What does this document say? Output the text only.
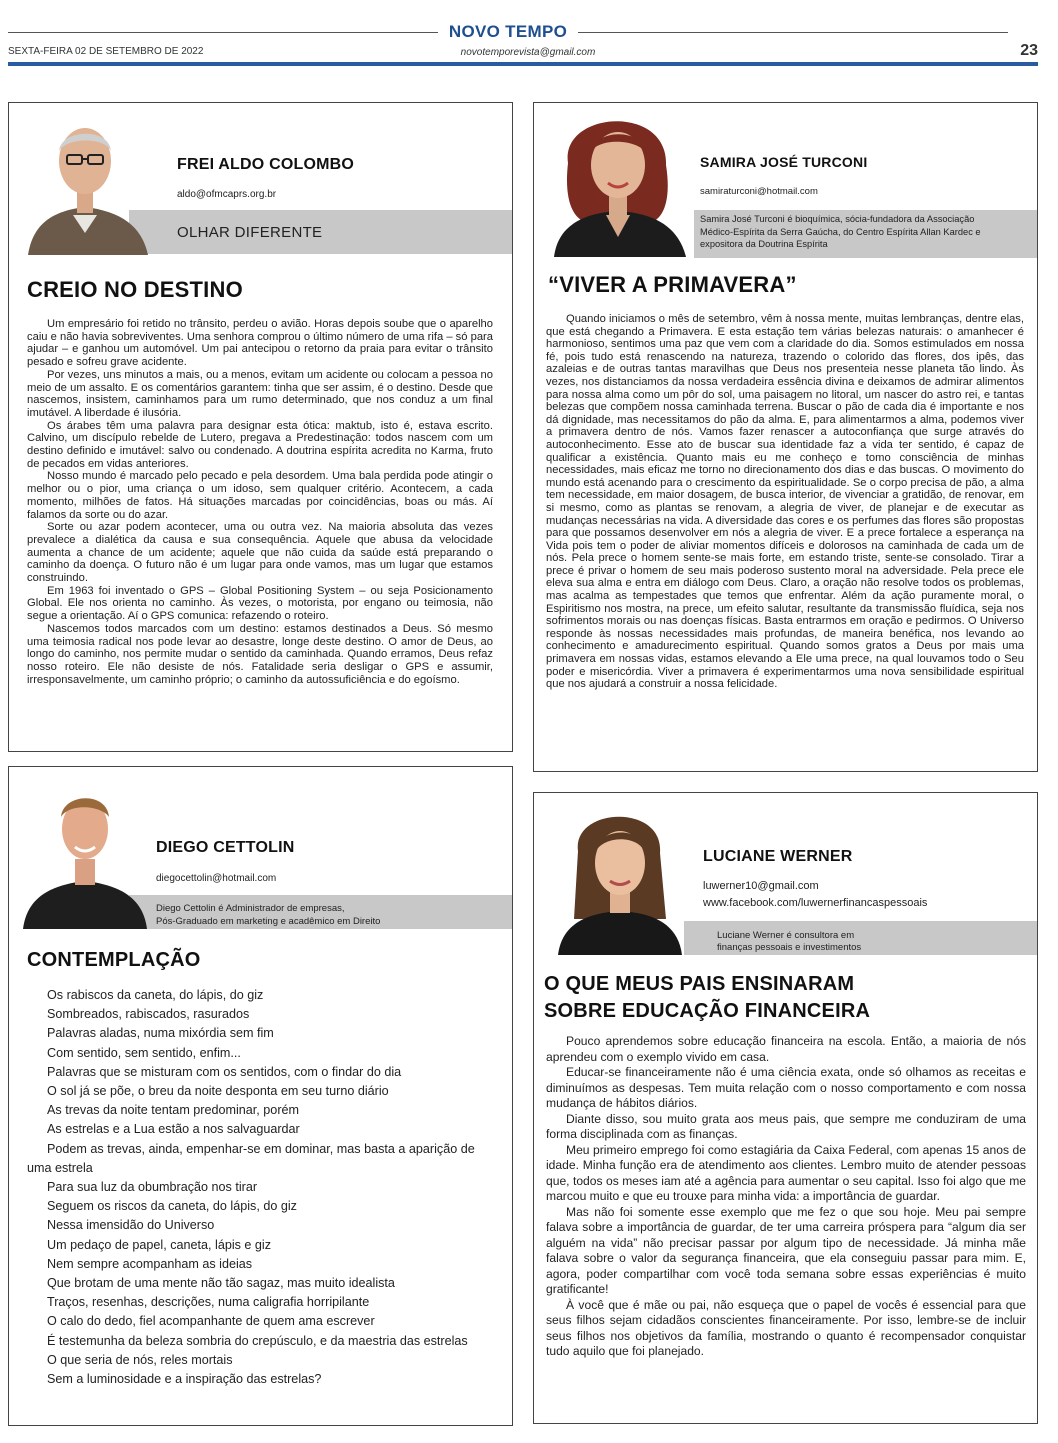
NOVO TEMPO
SEXTA-FEIRA 02 DE SETEMBRO DE 2022	novotemporevista@gmail.com	23
FREI ALDO COLOMBO
aldo@ofmcaprs.org.br
OLHAR DIFERENTE
CREIO NO DESTINO

Um empresário foi retido no trânsito, perdeu o avião. Horas depois soube que o aparelho caiu e não havia sobreviventes. Uma senhora comprou o último número de uma rifa – só para ajudar – e ganhou um automóvel. Um pai antecipou o retorno da praia para evitar o trânsito pesado e sofreu grave acidente.

Por vezes, uns minutos a mais, ou a menos, evitam um acidente ou colocam a pessoa no meio de um assalto. E os comentários garantem: tinha que ser assim, é o destino. Desde que nascemos, insistem, caminhamos para um rumo determinado, que nos conduz a um final imutável. A liberdade é ilusória.

Os árabes têm uma palavra para designar esta ótica: maktub, isto é, estava escrito. Calvino, um discípulo rebelde de Lutero, pregava a Predestinação: todos nascem com um destino definido e imutável: salvo ou condenado. A doutrina espírita acredita no Karma, fruto de pecados em vidas anteriores.

Nosso mundo é marcado pelo pecado e pela desordem. Uma bala perdida pode atingir o melhor ou o pior, uma criança o um idoso, sem qualquer critério. Acontecem, a cada momento, milhões de fatos. Há situações marcadas por coincidências, boas ou más. Aí falamos da sorte ou do azar.

Sorte ou azar podem acontecer, uma ou outra vez. Na maioria absoluta das vezes prevalece a dialética da causa e sua consequência. Aquele que abusa da velocidade aumenta a chance de um acidente; aquele que não cuida da saúde está preparando o caminho da doença. O futuro não é um lugar para onde vamos, mas um lugar que estamos construindo.

Em 1963 foi inventado o GPS – Global Positioning System – ou seja Posicionamento Global. Ele nos orienta no caminho. Às vezes, o motorista, por engano ou teimosia, não segue a orientação. Aí o GPS comunica: refazendo o roteiro.

Nascemos todos marcados com um destino: estamos destinados a Deus. Só mesmo uma teimosia radical nos pode levar ao desastre, longe deste destino. O amor de Deus, ao longo do caminho, nos permite mudar o sentido da caminhada. Quando erramos, Deus refaz nosso roteiro. Ele não desiste de nós. Fatalidade seria desligar o GPS e assumir, irresponsavelmente, um caminho próprio; o caminho da autossuficiência e do egoísmo.

SAMIRA JOSÉ TURCONI
samiraturconi@hotmail.com
Samira José Turconi é bioquímica, sócia-fundadora da Associação Médico-Espírita da Serra Gaúcha, do Centro Espírita Allan Kardec e expositora da Doutrina Espírita
“VIVER A PRIMAVERA”

Quando iniciamos o mês de setembro, vêm à nossa mente, muitas lembranças, dentre elas, que está chegando a Primavera. E esta estação tem várias belezas naturais: o amanhecer é harmonioso, sentimos uma paz que vem com a claridade do dia. Somos estimulados em nossa fé, pois tudo está renascendo na natureza, trazendo o colorido das flores, dos ipês, das azaleias e de outras tantas maravilhas que Deus nos presenteia nesse planeta tão lindo. Às vezes, nos distanciamos da nossa verdadeira essência divina e deixamos de admirar alimentos para nossa alma como um pôr do sol, uma paisagem no litoral, um nascer do astro rei, e tantas belezas que compõem nossa caminhada terrena. Buscar o pão de cada dia é importante e nos dá dignidade, mas necessitamos do pão da alma. E, para alimentarmos a alma, podemos viver a primavera dentro de nós. Vamos fazer renascer a autoconfiança que surge através do autoconhecimento. Esse ato de buscar sua identidade faz a vida ter sentido, é capaz de qualificar a existência. Quanto mais eu me conheço e tomo consciência de minhas necessidades, mais eficaz me torno no direcionamento dos dias e das buscas. O movimento do mundo está acenando para o crescimento da espiritualidade. Se o corpo precisa de pão, a alma tem necessidade, em maior dosagem, de busca interior, de vivenciar a gratidão, de renovar, em si mesmo, como as plantas se renovam, a alegria de viver, de planejar e de executar as mudanças necessárias na vida. A diversidade das cores e os perfumes das flores são propostas para que possamos desenvolver em nós a alegria de viver. E a prece fortalece a esperança na Vida pois tem o poder de aliviar momentos difíceis e dolorosos na caminhada de cada um de nós. Pela prece o homem sente-se mais forte, em estando triste, sente-se consolado. Tirar a prece é privar o homem de seu mais poderoso sustento moral na adversidade. Pela prece ele eleva sua alma e entra em diálogo com Deus. Claro, a oração não resolve todos os problemas, mas acalma as tempestades que temos que enfrentar. Além da ação puramente moral, o Espiritismo nos mostra, na prece, um efeito salutar, resultante da transmissão fluídica, seja nos sofrimentos morais ou nas doenças físicas. Basta entrarmos em oração e pedirmos. O Universo responde às nossas necessidades mais profundas, de maneira benéfica, nos levando ao conhecimento e amadurecimento espiritual. Quando somos gratos a Deus por mais uma primavera em nossas vidas, estamos elevando a Ele uma prece, na qual louvamos todo o Seu poder e misericórdia. Viver a primavera é experimentarmos uma nova sensibilidade espiritual que nos ajudará a construir a nossa felicidade.

DIEGO CETTOLIN
diegocettolin@hotmail.com
Diego Cettolin é Administrador de empresas,
Pós-Graduado em marketing e acadêmico em Direito
CONTEMPLAÇÃO

Os rabiscos da caneta, do lápis, do giz

Sombreados, rabiscados, rasurados

Palavras aladas, numa mixórdia sem fim

Com sentido, sem sentido, enfim...

Palavras que se misturam com os sentidos, com o findar do dia

O sol já se põe, o breu da noite desponta em seu turno diário

As trevas da noite tentam predominar, porém

As estrelas e a Lua estão a nos salvaguardar

Podem as trevas, ainda, empenhar-se em dominar, mas basta a aparição de uma estrela

Para sua luz da obumbração nos tirar

Seguem os riscos da caneta, do lápis, do giz

Nessa imensidão do Universo

Um pedaço de papel, caneta, lápis e giz

Nem sempre acompanham as ideias

Que brotam de uma mente não tão sagaz, mas muito idealista

Traços, resenhas, descrições, numa caligrafia horripilante

O calo do dedo, fiel acompanhante de quem ama escrever

É testemunha da beleza sombria do crepúsculo, e da maestria das estrelas

O que seria de nós, reles mortais

Sem a luminosidade e a inspiração das estrelas?

LUCIANE WERNER
luwerner10@gmail.com
www.facebook.com/luwernerfinancaspessoais
Luciane Werner é consultora em
finanças pessoais e investimentos
O QUE MEUS PAIS ENSINARAM
SOBRE EDUCAÇÃO FINANCEIRA

Pouco aprendemos sobre educação financeira na escola. Então, a maioria de nós aprendeu com o exemplo vivido em casa.

Educar-se financeiramente não é uma ciência exata, onde só olhamos as receitas e diminuímos as despesas. Tem muita relação com o nosso comportamento e com nossa mudança de hábitos diários.

Diante disso, sou muito grata aos meus pais, que sempre me conduziram de uma forma disciplinada com as finanças.

Meu primeiro emprego foi como estagiária da Caixa Federal, com apenas 15 anos de idade. Minha função era de atendimento aos clientes. Lembro muito de atender pessoas que, todos os meses iam até a agência para aumentar o seu capital. Isso foi algo que me marcou muito e que eu trouxe para minha vida: a importância de guardar.

Mas não foi somente esse exemplo que me fez o que sou hoje. Meu pai sempre falava sobre a importância de guardar, de ter uma carreira próspera para “algum dia ser alguém na vida” não precisar passar por algum tipo de necessidade. Já minha mãe falava sobre o valor da segurança financeira, que ela conseguiu passar para mim. E, agora, poder compartilhar com você toda semana sobre essas experiências é muito gratificante!

À você que é mãe ou pai, não esqueça que o papel de vocês é essencial para que seus filhos sejam cidadãos conscientes financeiramente. Por isso, lembre-se de incluir seus filhos nos objetivos da família, mostrando o quanto é recompensador conquistar tudo aquilo que foi planejado.
